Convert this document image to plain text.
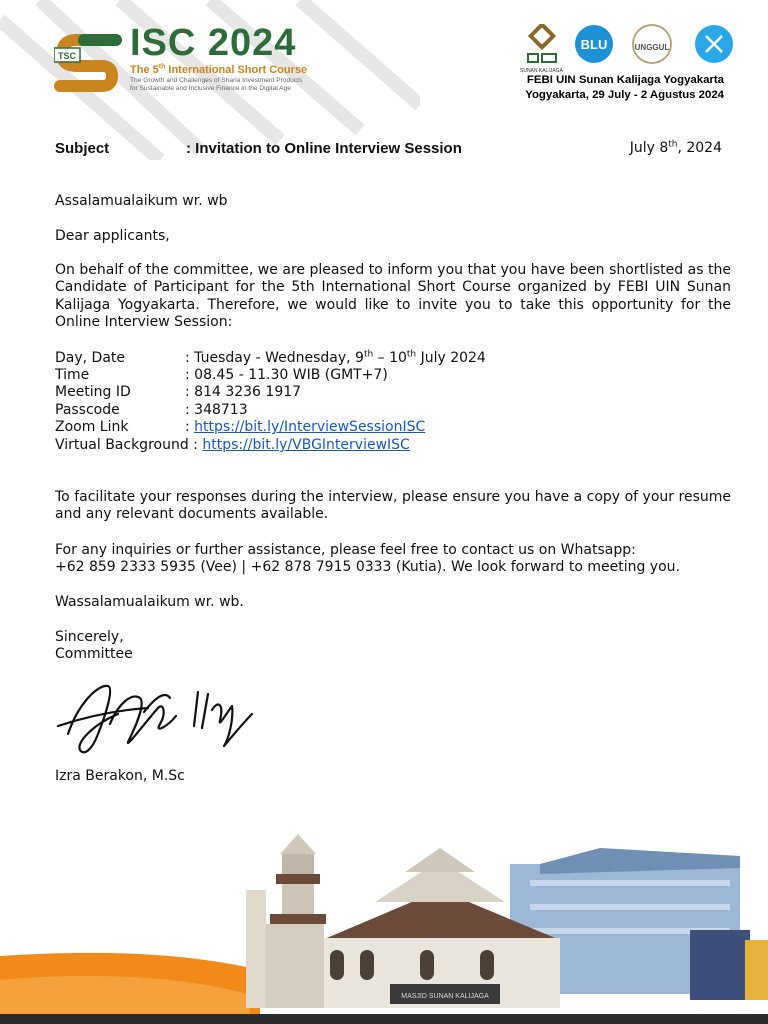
TSC ISC 2024
The 5th International Short Course
The Growth and Challenges of Sharia Investment Products
for Sustainable and Inclusive Finance in the Digital Age
BLU	UNGGUL
SUNAN KALIJAGA
FEBI UIN Sunan Kalijaga Yogyakarta
Yogyakarta, 29 July - 2 Agustus 2024
Subject	: Invitation to Online Interview Session	July 8th, 2024
Assalamualaikum wr. wb
Dear applicants,
On behalf of the committee, we are pleased to inform you that you have been shortlisted as the Candidate of Participant for the 5th International Short Course organized by FEBI UIN Sunan Kalijaga Yogyakarta. Therefore, we would like to invite you to take this opportunity for the Online Interview Session:
Day, Date	: Tuesday - Wednesday, 9th – 10th July 2024
Time	: 08.45 - 11.30 WIB (GMT+7)
Meeting ID	: 814 3236 1917
Passcode	: 348713
Zoom Link	: https://bit.ly/InterviewSessionISC
Virtual Background : https://bit.ly/VBGInterviewISC
To facilitate your responses during the interview, please ensure you have a copy of your resume and any relevant documents available.
For any inquiries or further assistance, please feel free to contact us on Whatsapp:
+62 859 2333 5935 (Vee) | +62 878 7915 0333 (Kutia). We look forward to meeting you.
Wassalamualaikum wr. wb.
Sincerely,
Committee
Izra Berakon, M.Sc
MASJID SUNAN KALIJAGA
